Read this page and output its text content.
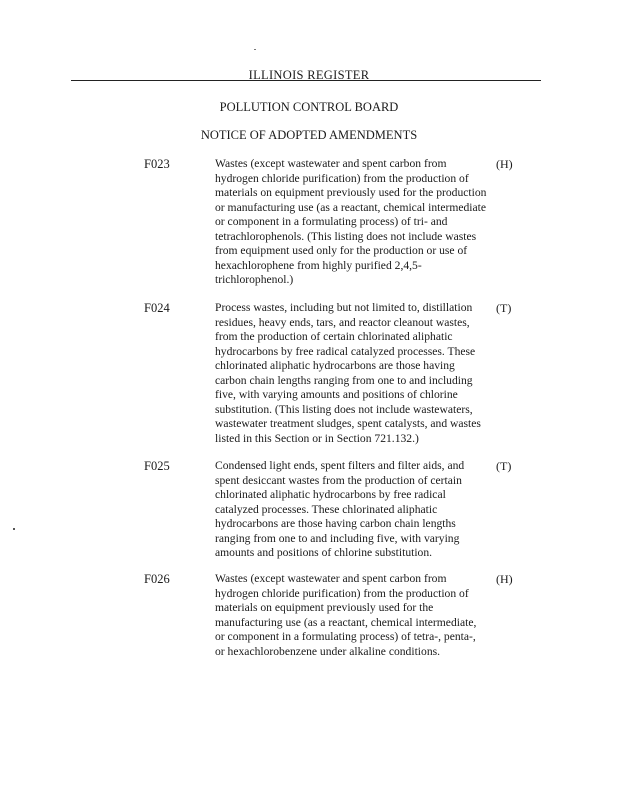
ILLINOIS REGISTER
POLLUTION CONTROL BOARD
NOTICE OF ADOPTED AMENDMENTS
F023	Wastes (except wastewater and spent carbon from hydrogen chloride purification) from the production of materials on equipment previously used for the production or manufacturing use (as a reactant, chemical intermediate or component in a formulating process) of tri- and tetrachlorophenols. (This listing does not include wastes from equipment used only for the production or use of hexachlorophene from highly purified 2,4,5-trichlorophenol.)
(H)
F024	Process wastes, including but not limited to, distillation residues, heavy ends, tars, and reactor cleanout wastes, from the production of certain chlorinated aliphatic hydrocarbons by free radical catalyzed processes. These chlorinated aliphatic hydrocarbons are those having carbon chain lengths ranging from one to and including five, with varying amounts and positions of chlorine substitution. (This listing does not include wastewaters, wastewater treatment sludges, spent catalysts, and wastes listed in this Section or in Section 721.132.)
(T)
F025	Condensed light ends, spent filters and filter aids, and spent desiccant wastes from the production of certain chlorinated aliphatic hydrocarbons by free radical catalyzed processes. These chlorinated aliphatic hydrocarbons are those having carbon chain lengths ranging from one to and including five, with varying amounts and positions of chlorine substitution.
(T)
F026	Wastes (except wastewater and spent carbon from hydrogen chloride purification) from the production of materials on equipment previously used for the manufacturing use (as a reactant, chemical intermediate, or component in a formulating process) of tetra-, penta-, or hexachlorobenzene under alkaline conditions.
(H)
